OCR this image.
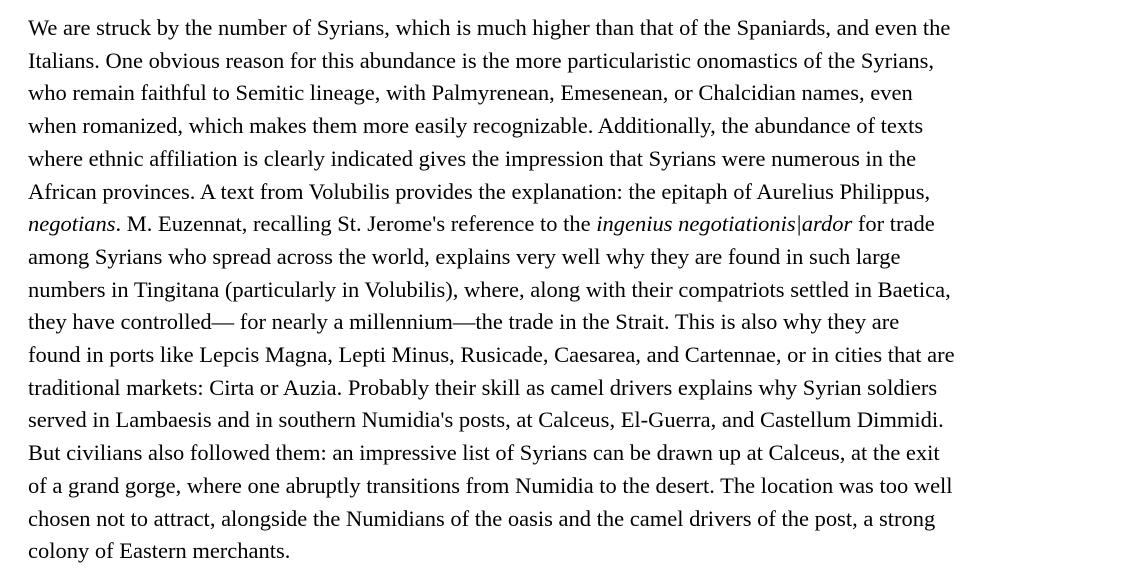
We are struck by the number of Syrians, which is much higher than that of the Spaniards, and even the
Italians. One obvious reason for this abundance is the more particularistic onomastics of the Syrians,
who remain faithful to Semitic lineage, with Palmyrenean, Emesenean, or Chalcidian names, even
when romanized, which makes them more easily recognizable. Additionally, the abundance of texts
where ethnic affiliation is clearly indicated gives the impression that Syrians were numerous in the
African provinces. A text from Volubilis provides the explanation: the epitaph of Aurelius Philippus,
negotians. M. Euzennat, recalling St. Jerome's reference to the ingenius negotiationis|ardor for trade
among Syrians who spread across the world, explains very well why they are found in such large
numbers in Tingitana (particularly in Volubilis), where, along with their compatriots settled in Baetica,
they have controlled— for nearly a millennium—the trade in the Strait. This is also why they are
found in ports like Lepcis Magna, Lepti Minus, Rusicade, Caesarea, and Cartennae, or in cities that are
traditional markets: Cirta or Auzia. Probably their skill as camel drivers explains why Syrian soldiers
served in Lambaesis and in southern Numidia's posts, at Calceus, El-Guerra, and Castellum Dimmidi.
But civilians also followed them: an impressive list of Syrians can be drawn up at Calceus, at the exit
of a grand gorge, where one abruptly transitions from Numidia to the desert. The location was too well
chosen not to attract, alongside the Numidians of the oasis and the camel drivers of the post, a strong
colony of Eastern merchants.
